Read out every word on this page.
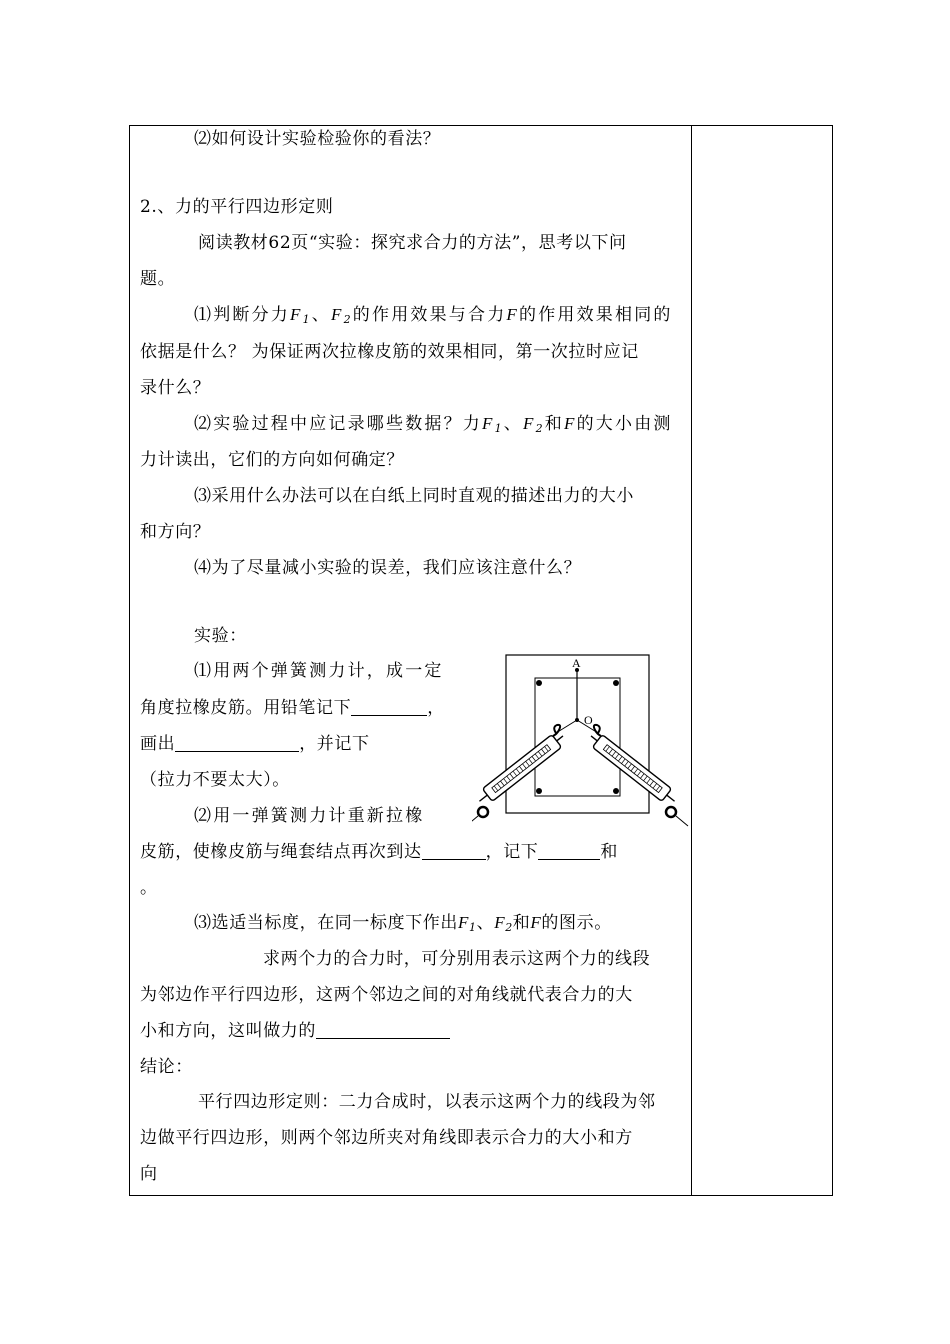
⑵如何设计实验检验你的看法？
2.、力的平行四边形定则
阅读教材62页“实验：探究求合力的方法”，思考以下问
题。
⑴判断分力$F_1$、$F_2$的作用效果与合力F的作用效果相同的
依据是什么？ 为保证两次拉橡皮筋的效果相同，第一次拉时应记
录什么？
⑵实验过程中应记录哪些数据？力$F_1$、$F_2$和F的大小由测
力计读出，它们的方向如何确定？
⑶采用什么办法可以在白纸上同时直观的描述出力的大小
和方向？
⑷为了尽量减小实验的误差，我们应该注意什么？
实验：
⑴用两个弹簧测力计，成一定
角度拉橡皮筋。用铅笔记下	，
画出	，并记下
（拉力不要太大）。
⑵用一弹簧测力计重新拉橡
皮筋，使橡皮筋与绳套结点再次到达	，记下	和
。
⑶选适当标度，在同一标度下作出$F_1$、$F_2$和F的图示。
求两个力的合力时，可分别用表示这两个力的线段
为邻边作平行四边形，这两个邻边之间的对角线就代表合力的大
小和方向，这叫做力的
结论：
平行四边形定则：二力合成时，以表示这两个力的线段为邻
边做平行四边形，则两个邻边所夹对角线即表示合力的大小和方
向
A
O
